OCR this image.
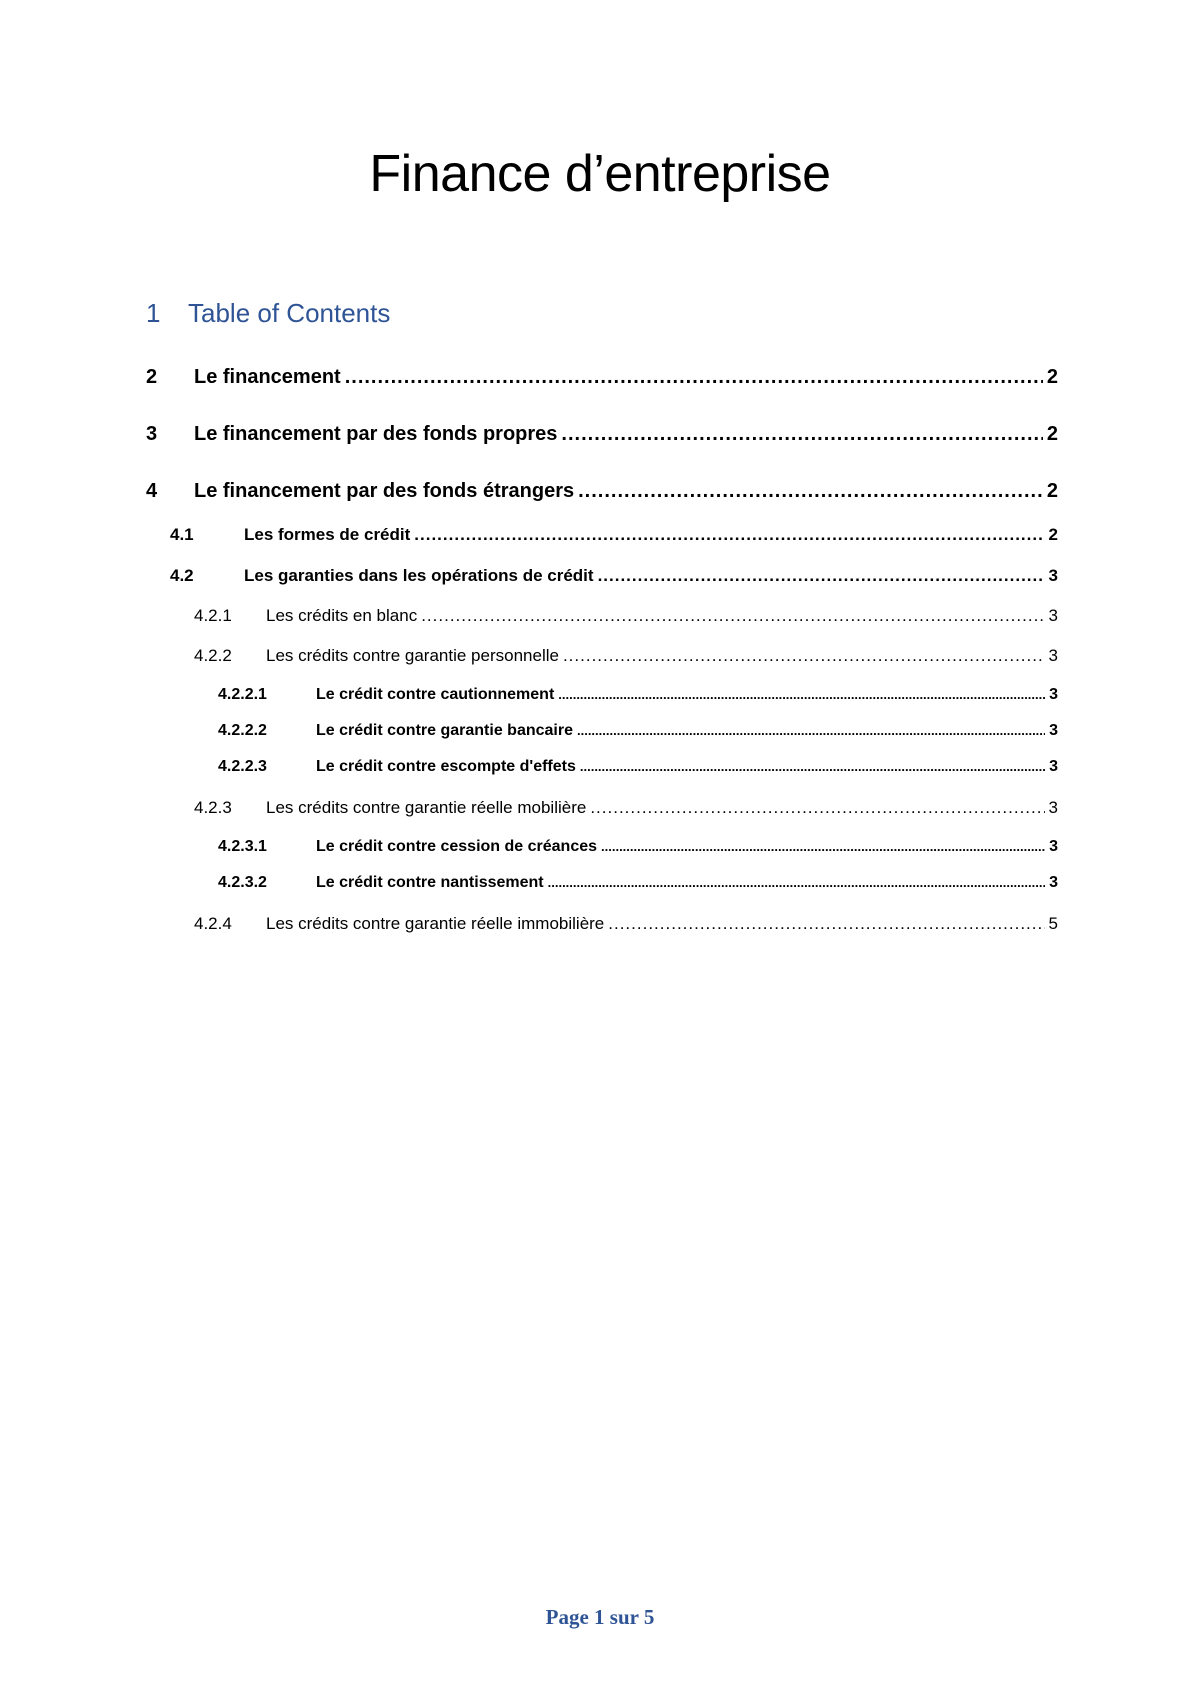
Finance d’entreprise
1 Table of Contents
2	Le financement .....	2
3	Le financement par des fonds propres .....	2
4	Le financement par des fonds étrangers .....	2
4.1	Les formes de crédit .....	2
4.2	Les garanties dans les opérations de crédit .....	3
4.2.1	Les crédits en blanc .....	3
4.2.2	Les crédits contre garantie personnelle .....	3
4.2.2.1	Le crédit contre cautionnement .....	3
4.2.2.2	Le crédit contre garantie bancaire .....	3
4.2.2.3	Le crédit contre escompte d'effets .....	3
4.2.3	Les crédits contre garantie réelle mobilière .....	3
4.2.3.1	Le crédit contre cession de créances .....	3
4.2.3.2	Le crédit contre nantissement .....	3
4.2.4	Les crédits contre garantie réelle immobilière .....	5
Page 1 sur 5
